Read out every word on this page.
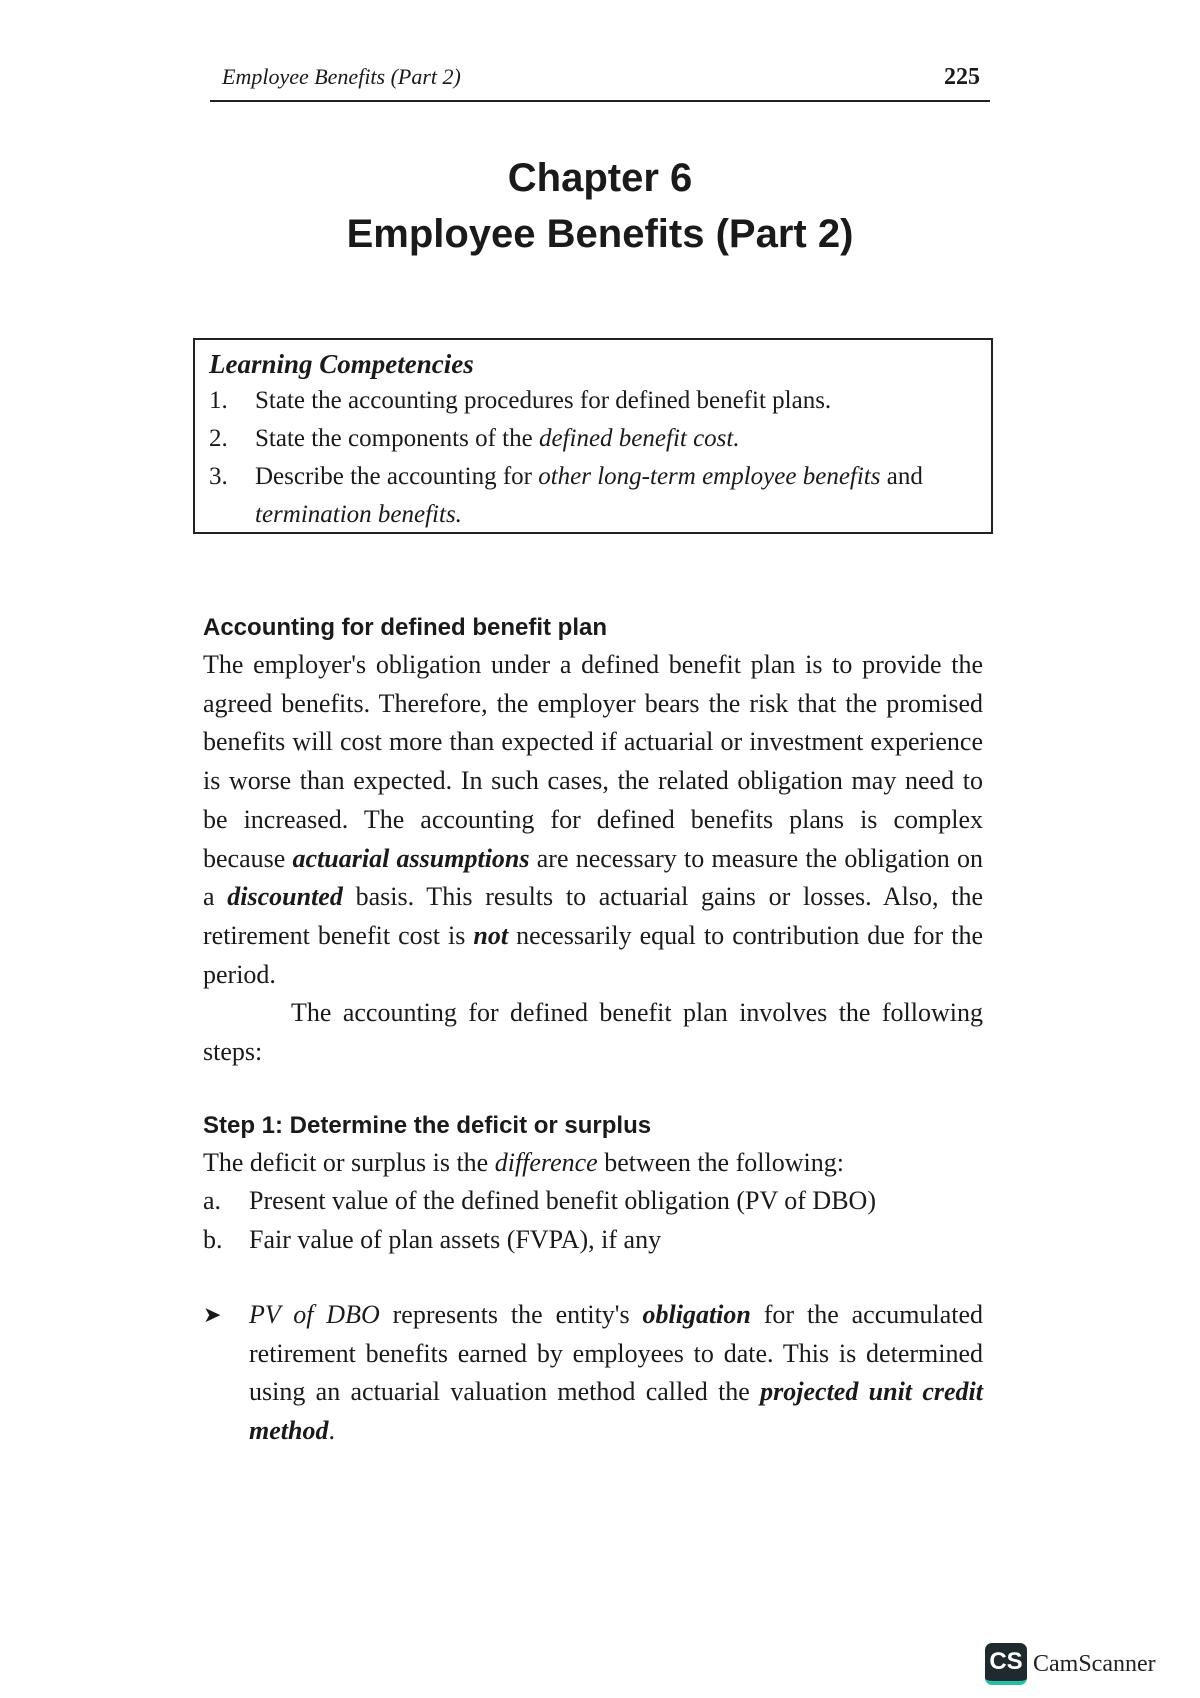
Employee Benefits (Part 2)	225
Chapter 6
Employee Benefits (Part 2)
Learning Competencies
1. State the accounting procedures for defined benefit plans.
2. State the components of the defined benefit cost.
3. Describe the accounting for other long-term employee benefits and termination benefits.
Accounting for defined benefit plan

The employer's obligation under a defined benefit plan is to provide the agreed benefits. Therefore, the employer bears the risk that the promised benefits will cost more than expected if actuarial or investment experience is worse than expected. In such cases, the related obligation may need to be increased. The accounting for defined benefits plans is complex because actuarial assumptions are necessary to measure the obligation on a discounted basis. This results to actuarial gains or losses. Also, the retirement benefit cost is not necessarily equal to contribution due for the period.

The accounting for defined benefit plan involves the following steps:

Step 1: Determine the deficit or surplus

The deficit or surplus is the difference between the following:

a. Present value of the defined benefit obligation (PV of DBO)
b. Fair value of plan assets (FVPA), if any
➤ PV of DBO represents the entity's obligation for the accumulated retirement benefits earned by employees to date. This is determined using an actuarial valuation method called the projected unit credit method.

CS CamScanner
